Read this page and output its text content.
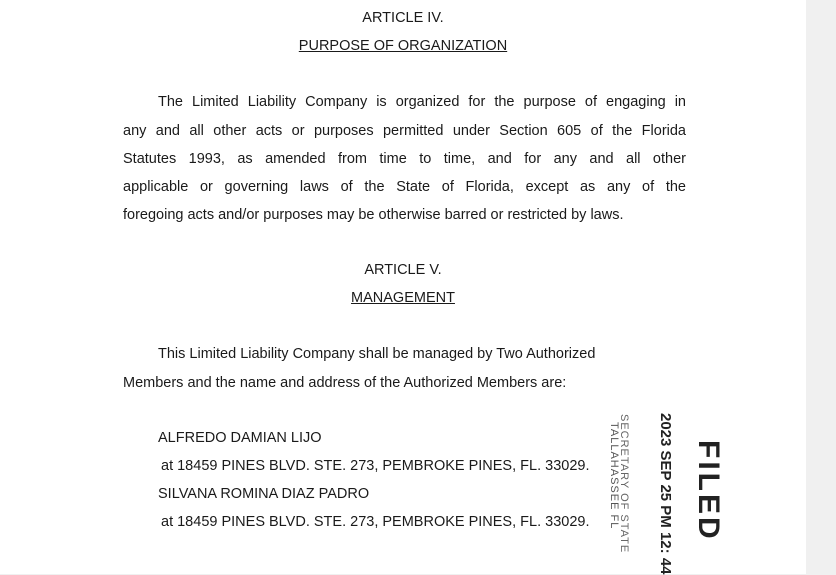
ARTICLE IV.
PURPOSE OF ORGANIZATION
The Limited Liability Company is organized for the purpose of engaging in
any and all other acts or purposes permitted under Section 605 of the Florida
Statutes 1993, as amended from time to time, and for any and all other
applicable or governing laws of the State of Florida, except as any of the
foregoing acts and/or purposes may be otherwise barred or restricted by laws.
ARTICLE V.
MANAGEMENT
This Limited Liability Company shall be managed by Two Authorized
Members and the name and address of the Authorized Members are:
ALFREDO DAMIAN LIJO
at 18459 PINES BLVD. STE. 273, PEMBROKE PINES, FL. 33029.
SILVANA ROMINA DIAZ PADRO
at 18459 PINES BLVD. STE. 273, PEMBROKE PINES, FL. 33029.	FILED
2023 SEP 25 PM 12: 44
SECRETARY OF STATE
TALLAHASSEE FL
